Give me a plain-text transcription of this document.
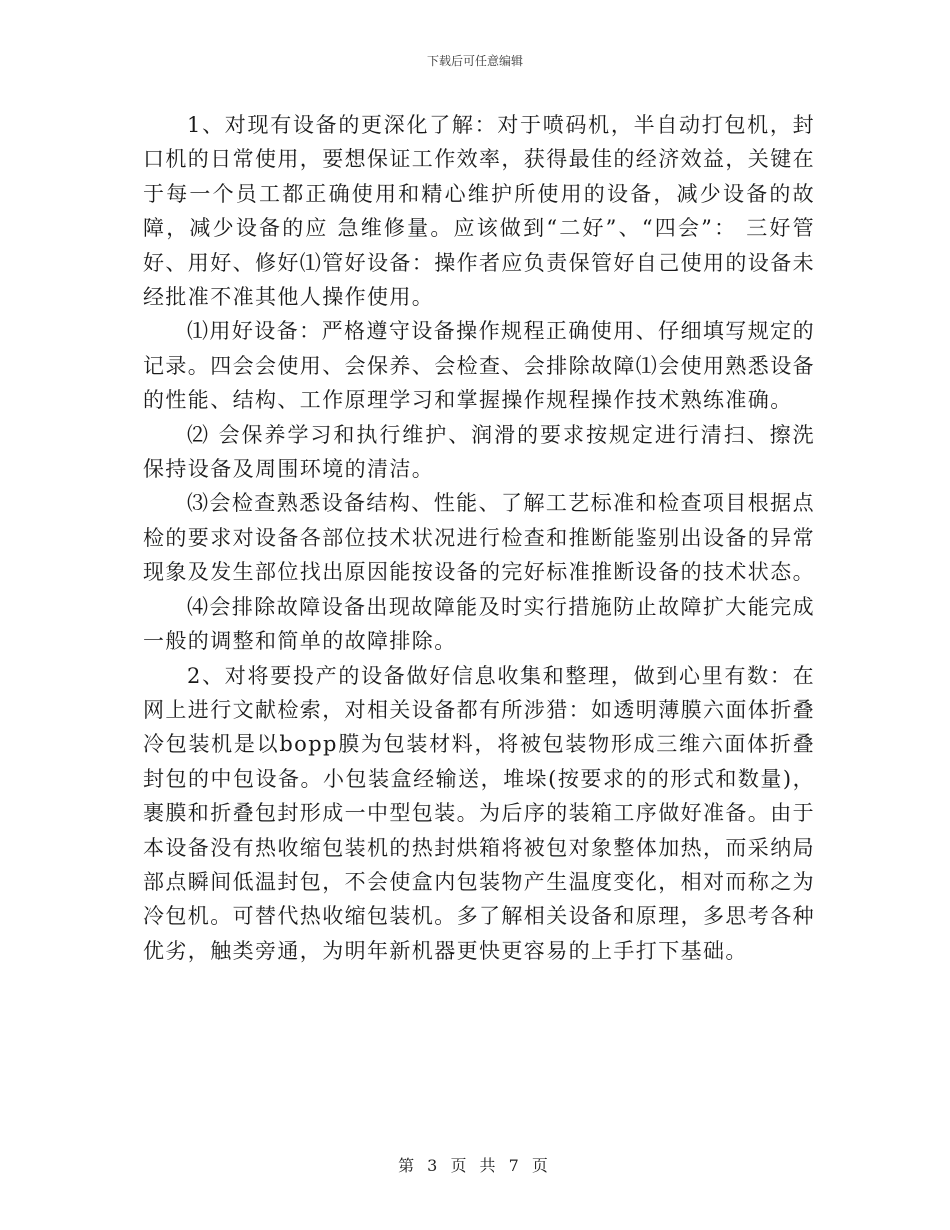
下载后可任意编辑

1、对现有设备的更深化了解：对于喷码机，半自动打包机，封口机的日常使用，要想保证工作效率，获得最佳的经济效益，关键在于每一个员工都正确使用和精心维护所使用的设备，减少设备的故障，减少设备的应 急维修量。应该做到“二好”、“四会”： 三好管好、用好、修好⑴管好设备：操作者应负责保管好自己使用的设备未经批准不准其他人操作使用。

⑴用好设备：严格遵守设备操作规程正确使用、仔细填写规定的记录。四会会使用、会保养、会检查、会排除故障⑴会使用熟悉设备的性能、结构、工作原理学习和掌握操作规程操作技术熟练准确。

⑵ 会保养学习和执行维护、润滑的要求按规定进行清扫、擦洗保持设备及周围环境的清洁。

⑶会检查熟悉设备结构、性能、了解工艺标准和检查项目根据点检的要求对设备各部位技术状况进行检查和推断能鉴别出设备的异常现象及发生部位找出原因能按设备的完好标准推断设备的技术状态。

⑷会排除故障设备出现故障能及时实行措施防止故障扩大能完成一般的调整和简单的故障排除。

2、对将要投产的设备做好信息收集和整理，做到心里有数：在网上进行文献检索，对相关设备都有所涉猎：如透明薄膜六面体折叠冷包装机是以bopp膜为包装材料，将被包装物形成三维六面体折叠封包的中包设备。小包装盒经输送，堆垛(按要求的的形式和数量)，裹膜和折叠包封形成一中型包装。为后序的装箱工序做好准备。由于本设备没有热收缩包装机的热封烘箱将被包对象整体加热，而采纳局部点瞬间低温封包，不会使盒内包装物产生温度变化，相对而称之为冷包机。可替代热收缩包装机。多了解相关设备和原理，多思考各种优劣，触类旁通，为明年新机器更快更容易的上手打下基础。

第 3 页 共 7 页
